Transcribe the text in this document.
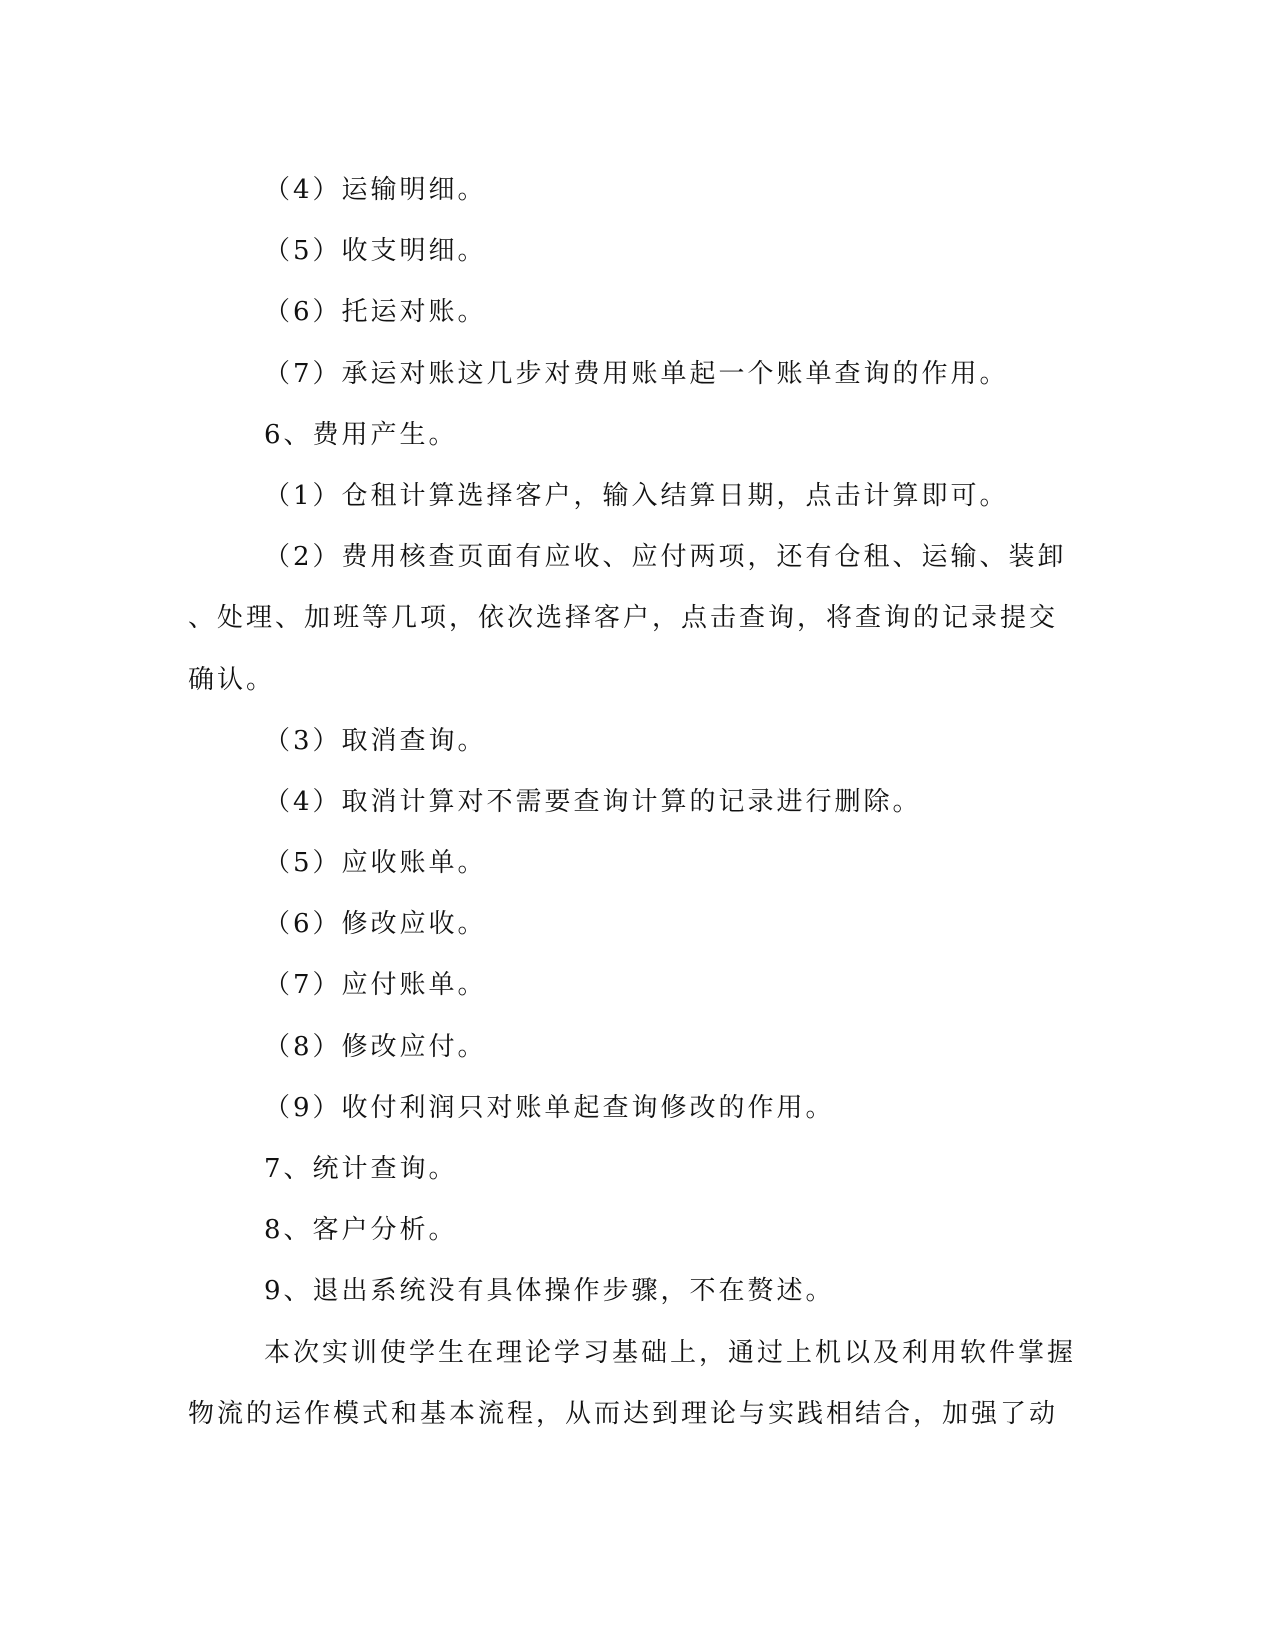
（4）运输明细。
（5）收支明细。
（6）托运对账。
（7）承运对账这几步对费用账单起一个账单查询的作用。
6、费用产生。
（1）仓租计算选择客户，输入结算日期，点击计算即可。
（2）费用核查页面有应收、应付两项，还有仓租、运输、装卸
、处理、加班等几项，依次选择客户，点击查询，将查询的记录提交
确认。
（3）取消查询。
（4）取消计算对不需要查询计算的记录进行删除。
（5）应收账单。
（6）修改应收。
（7）应付账单。
（8）修改应付。
（9）收付利润只对账单起查询修改的作用。
7、统计查询。
8、客户分析。
9、退出系统没有具体操作步骤，不在赘述。
本次实训使学生在理论学习基础上，通过上机以及利用软件掌握
物流的运作模式和基本流程，从而达到理论与实践相结合，加强了动
